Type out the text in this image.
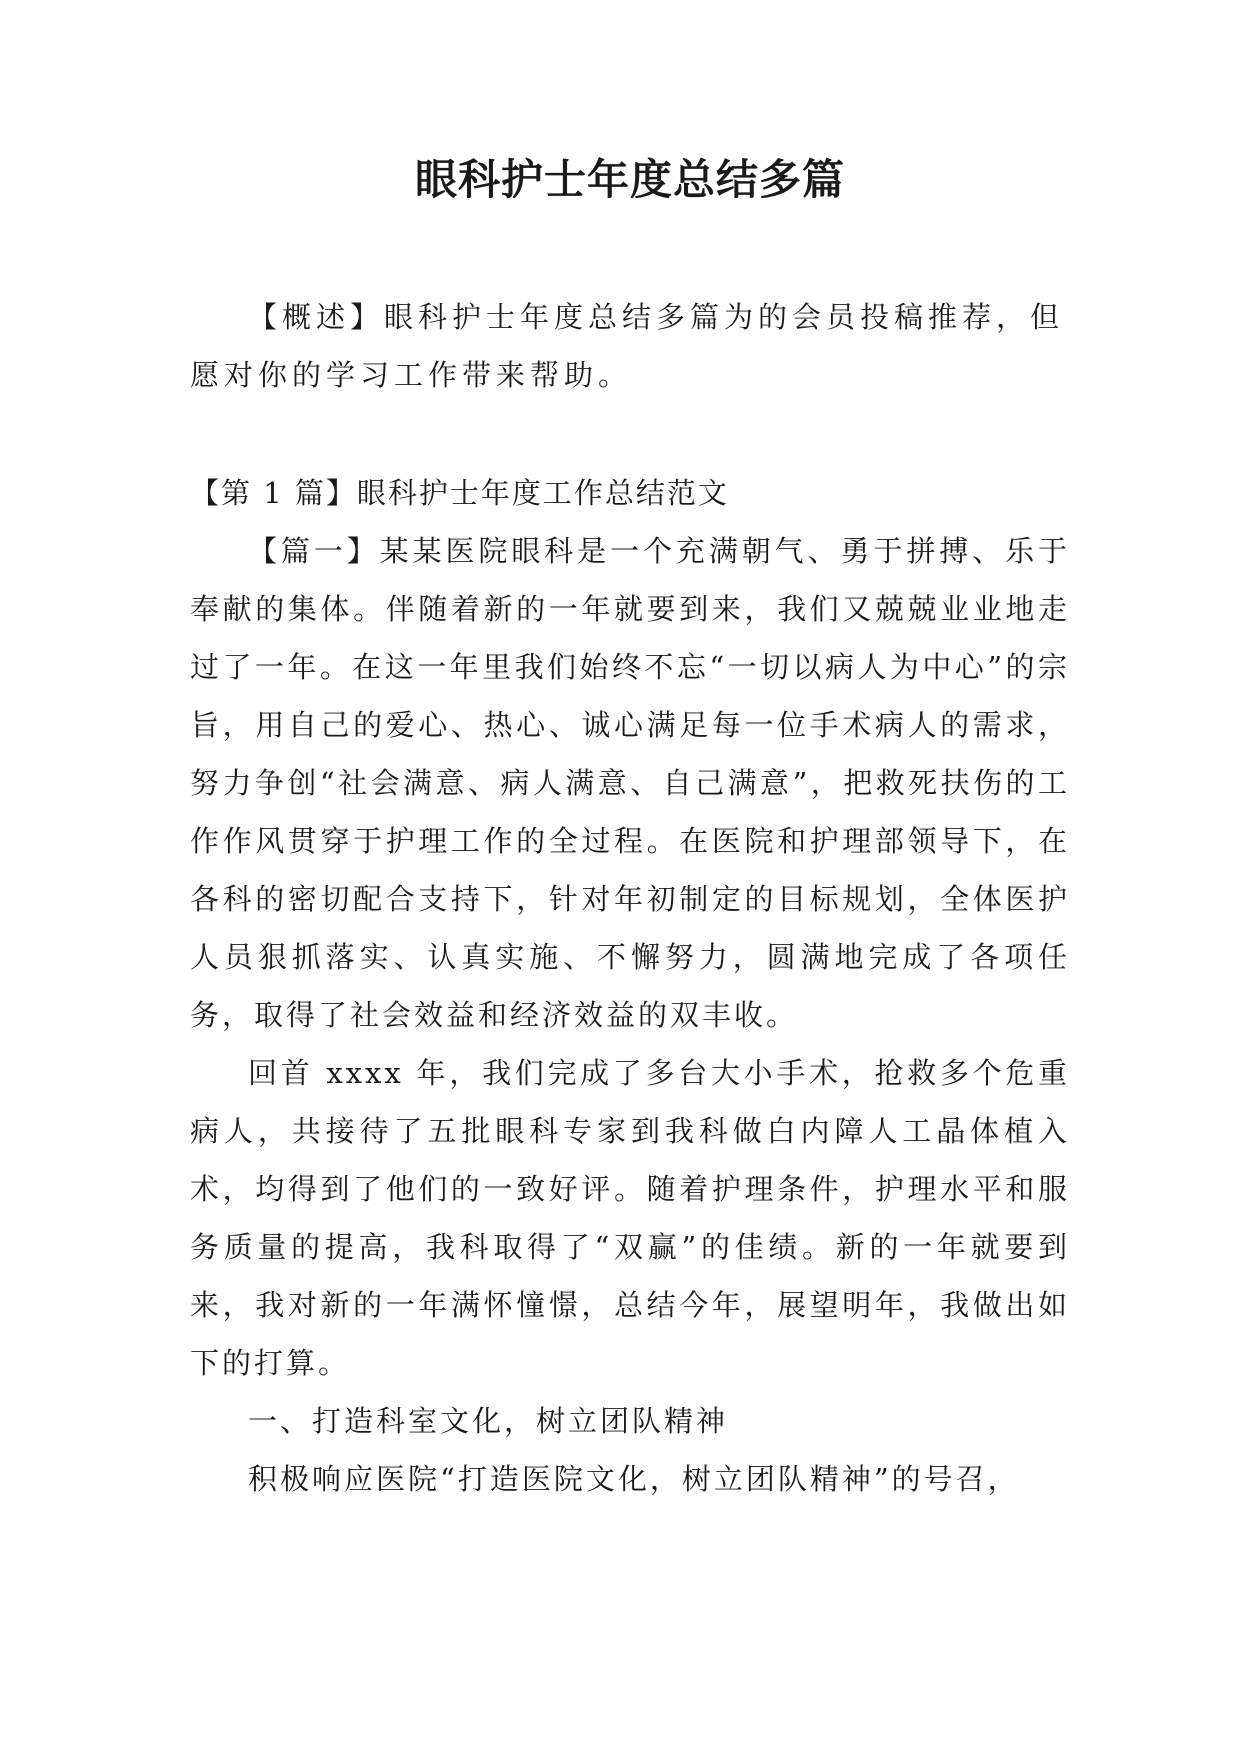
眼科护士年度总结多篇

【概述】眼科护士年度总结多篇为的会员投稿推荐，但愿对你的学习工作带来帮助。

【第 1 篇】眼科护士年度工作总结范文

【篇一】某某医院眼科是一个充满朝气、勇于拼搏、乐于奉献的集体。伴随着新的一年就要到来，我们又兢兢业业地走过了一年。在这一年里我们始终不忘“一切以病人为中心”的宗旨，用自己的爱心、热心、诚心满足每一位手术病人的需求，努力争创“社会满意、病人满意、自己满意”，把救死扶伤的工作作风贯穿于护理工作的全过程。在医院和护理部领导下，在各科的密切配合支持下，针对年初制定的目标规划，全体医护人员狠抓落实、认真实施、不懈努力，圆满地完成了各项任务，取得了社会效益和经济效益的双丰收。

回首 xxxx 年，我们完成了多台大小手术，抢救多个危重病人，共接待了五批眼科专家到我科做白内障人工晶体植入术，均得到了他们的一致好评。随着护理条件，护理水平和服务质量的提高，我科取得了“双赢”的佳绩。新的一年就要到来，我对新的一年满怀憧憬，总结今年，展望明年，我做出如下的打算。

一、打造科室文化，树立团队精神

积极响应医院“打造医院文化，树立团队精神”的号召，
